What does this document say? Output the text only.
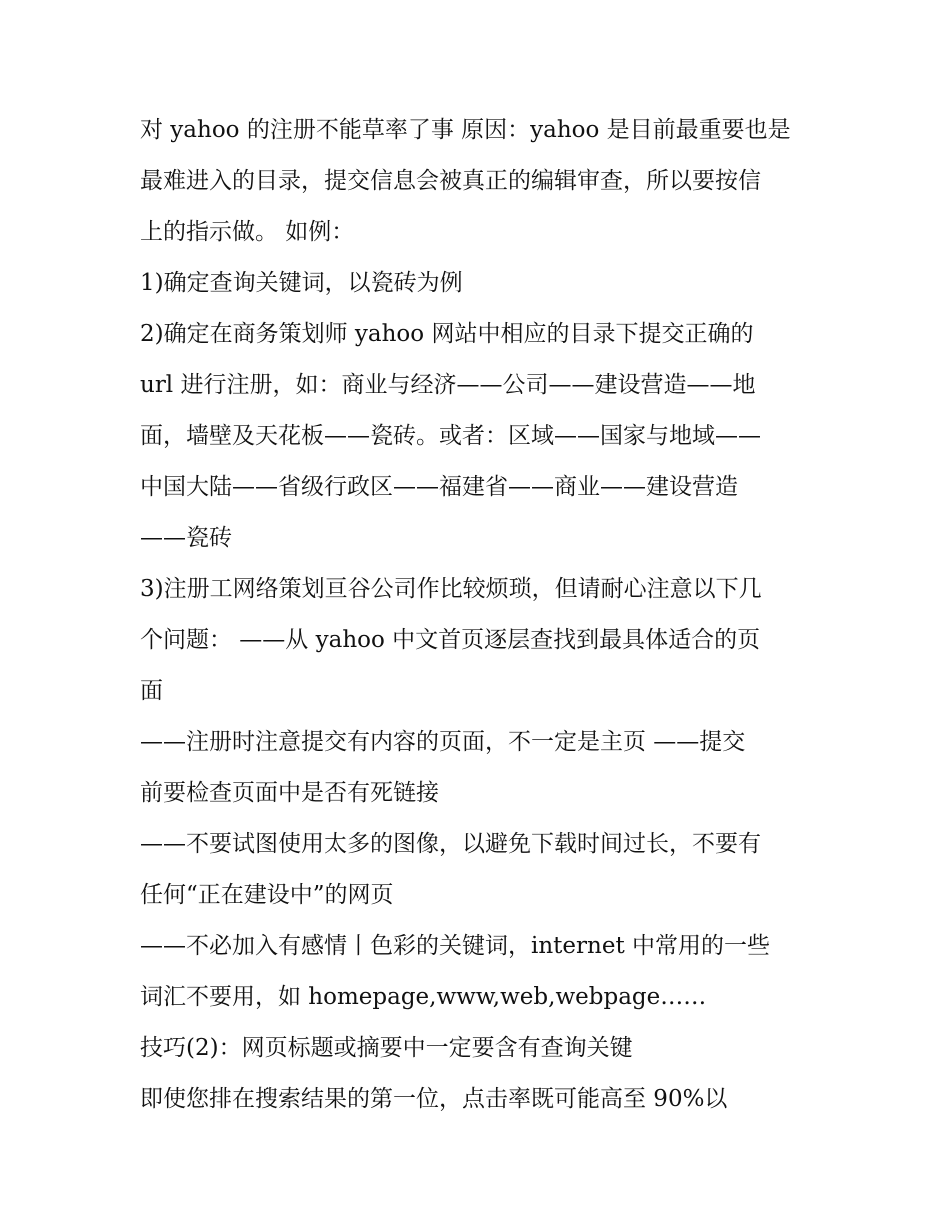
对 yahoo 的注册不能草率了事 原因：yahoo 是目前最重要也是
最难进入的目录，提交信息会被真正的编辑审查，所以要按信
上的指示做。 如例：
1)确定查询关键词，以瓷砖为例
2)确定在商务策划师 yahoo 网站中相应的目录下提交正确的
url 进行注册，如：商业与经济——公司——建设营造——地
面，墙壁及天花板——瓷砖。或者：区域——国家与地域——
中国大陆——省级行政区——福建省——商业——建设营造
——瓷砖
3)注册工网络策划亘谷公司作比较烦琐，但请耐心注意以下几
个问题： ——从 yahoo 中文首页逐层查找到最具体适合的页
面
——注册时注意提交有内容的页面，不一定是主页 ——提交
前要检查页面中是否有死链接
——不要试图使用太多的图像，以避免下载时间过长，不要有
任何“正在建设中”的网页
——不必加入有感情丨色彩的关键词，internet 中常用的一些
词汇不要用，如 homepage,www,web,webpage……
技巧(2)：网页标题或摘要中一定要含有查询关键
即使您排在搜索结果的第一位，点击率既可能高至 90%以
